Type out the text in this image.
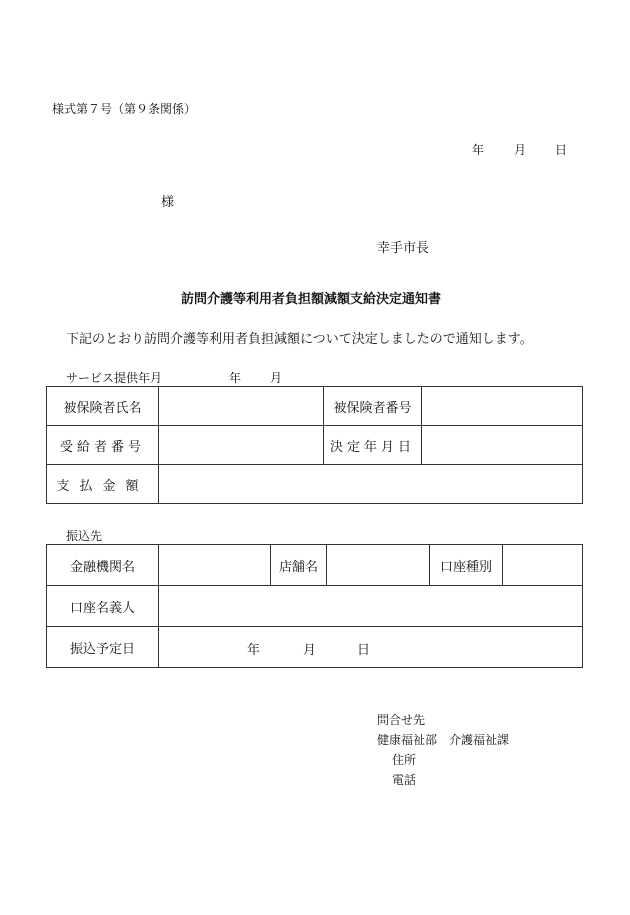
様式第７号（第９条関係）
年 月 日
様
幸手市長
訪問介護等利用者負担額減額支給決定通知書
下記のとおり訪問介護等利用者負担減額について決定しましたので通知します。
サービス提供年月	年 月
被保険者氏名		被保険者番号	
受給者番号		決定年月日	
支払金額			
振込先
金融機関名		店舗名		口座種別	
口座名義人					
振込予定日	年 月 日				
問合せ先
健康福祉部　介護福祉課
住所
電話
